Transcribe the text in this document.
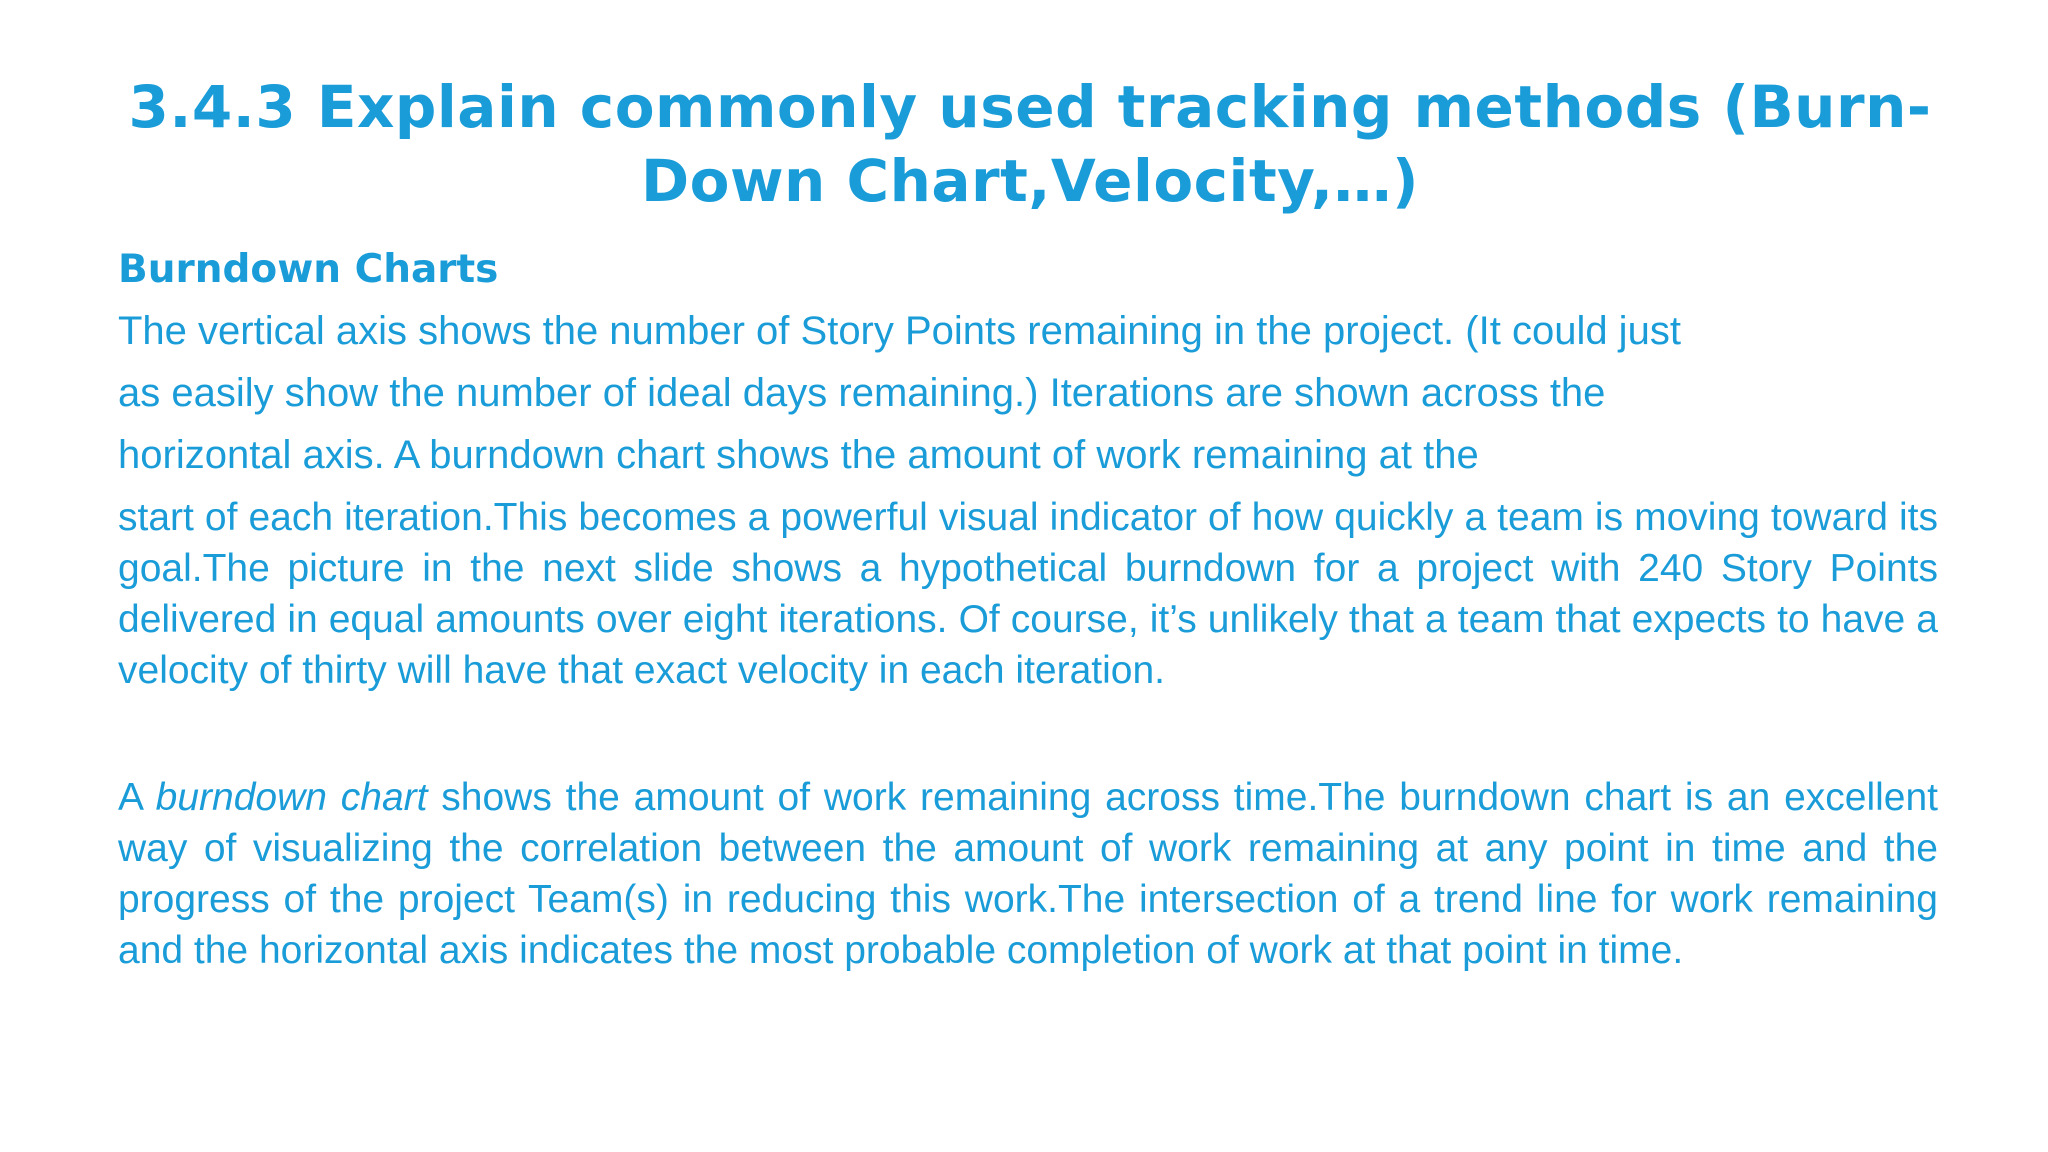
3.4.3 Explain commonly used tracking methods (Burn-Down Chart,Velocity,…)
Burndown Charts

The vertical axis shows the number of Story Points remaining in the project. (It could just

as easily show the number of ideal days remaining.) Iterations are shown across the

horizontal axis. A burndown chart shows the amount of work remaining at the

start of each iteration.This becomes a powerful visual indicator of how quickly a team is moving toward its goal.The picture in the next slide shows a hypothetical burndown for a project with 240 Story Points delivered in equal amounts over eight iterations. Of course, it’s unlikely that a team that expects to have a velocity of thirty will have that exact velocity in each iteration.

A burndown chart shows the amount of work remaining across time.The burndown chart is an excellent way of visualizing the correlation between the amount of work remaining at any point in time and the progress of the project Team(s) in reducing this work.The intersection of a trend line for work remaining and the horizontal axis indicates the most probable completion of work at that point in time.
